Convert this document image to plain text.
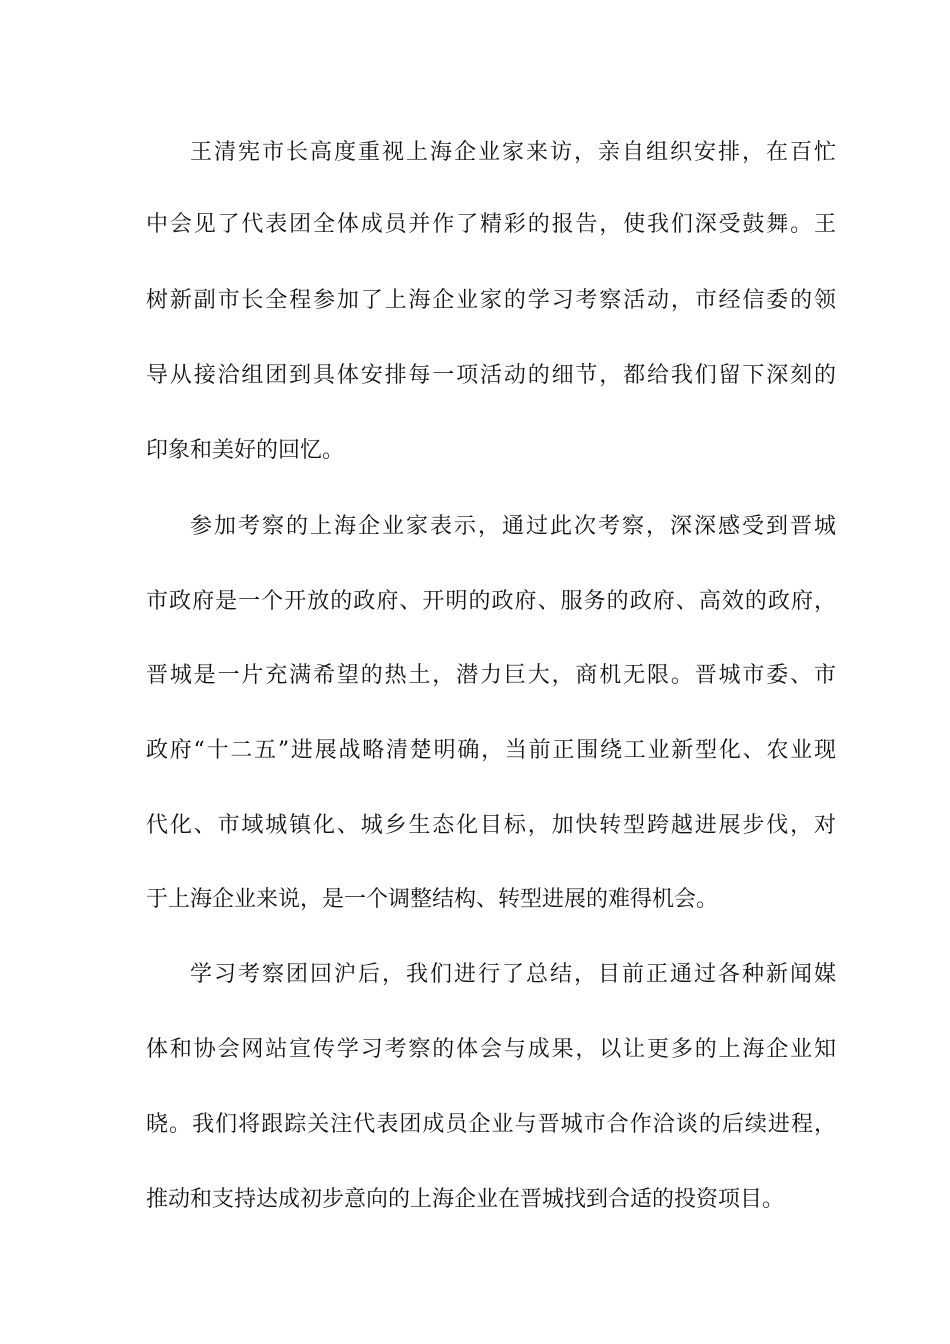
王清宪市长高度重视上海企业家来访，亲自组织安排，在百忙
中会见了代表团全体成员并作了精彩的报告，使我们深受鼓舞。王
树新副市长全程参加了上海企业家的学习考察活动，市经信委的领
导从接洽组团到具体安排每一项活动的细节，都给我们留下深刻的
印象和美好的回忆。
参加考察的上海企业家表示，通过此次考察，深深感受到晋城
市政府是一个开放的政府、开明的政府、服务的政府、高效的政府，
晋城是一片充满希望的热土，潜力巨大，商机无限。晋城市委、市
政府“十二五”进展战略清楚明确，当前正围绕工业新型化、农业现
代化、市域城镇化、城乡生态化目标，加快转型跨越进展步伐，对
于上海企业来说，是一个调整结构、转型进展的难得机会。
学习考察团回沪后，我们进行了总结，目前正通过各种新闻媒
体和协会网站宣传学习考察的体会与成果，以让更多的上海企业知
晓。我们将跟踪关注代表团成员企业与晋城市合作洽谈的后续进程，
推动和支持达成初步意向的上海企业在晋城找到合适的投资项目。
